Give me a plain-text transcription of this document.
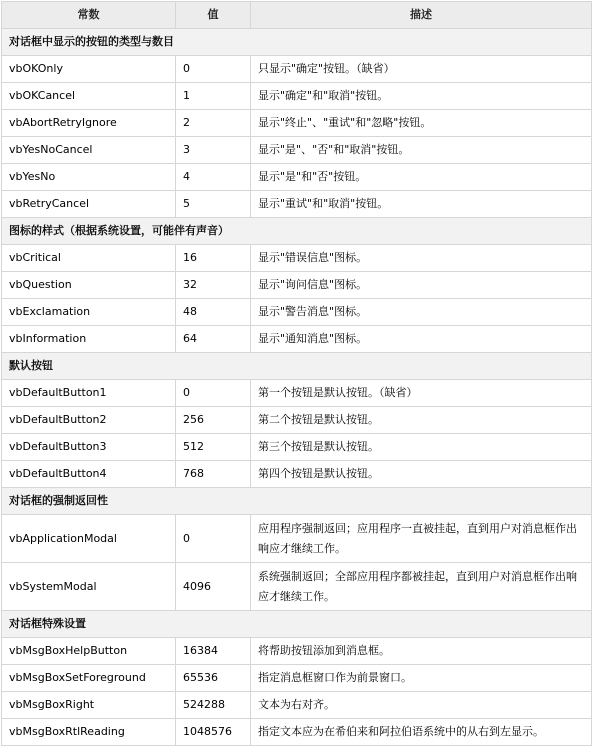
常数	值	描述
对话框中显示的按钮的类型与数目		
vbOKOnly	0	只显示"确定"按钮。（缺省）
vbOKCancel	1	显示"确定"和"取消"按钮。
vbAbortRetryIgnore	2	显示"终止"、"重试"和"忽略"按钮。
vbYesNoCancel	3	显示"是"、"否"和"取消"按钮。
vbYesNo	4	显示"是"和"否"按钮。
vbRetryCancel	5	显示"重试"和"取消"按钮。
图标的样式（根据系统设置，可能伴有声音）		
vbCritical	16	显示"错误信息"图标。
vbQuestion	32	显示"询问信息"图标。
vbExclamation	48	显示"警告消息"图标。
vbInformation	64	显示"通知消息"图标。
默认按钮		
vbDefaultButton1	0	第一个按钮是默认按钮。（缺省）
vbDefaultButton2	256	第二个按钮是默认按钮。
vbDefaultButton3	512	第三个按钮是默认按钮。
vbDefaultButton4	768	第四个按钮是默认按钮。
对话框的强制返回性		
vbApplicationModal	0	应用程序强制返回；应用程序一直被挂起，直到用户对消息框作出响应才继续工作。
vbSystemModal	4096	系统强制返回；全部应用程序都被挂起，直到用户对消息框作出响应才继续工作。
对话框特殊设置		
vbMsgBoxHelpButton	16384	将帮助按钮添加到消息框。
vbMsgBoxSetForeground	65536	指定消息框窗口作为前景窗口。
vbMsgBoxRight	524288	文本为右对齐。
vbMsgBoxRtlReading	1048576	指定文本应为在希伯来和阿拉伯语系统中的从右到左显示。
